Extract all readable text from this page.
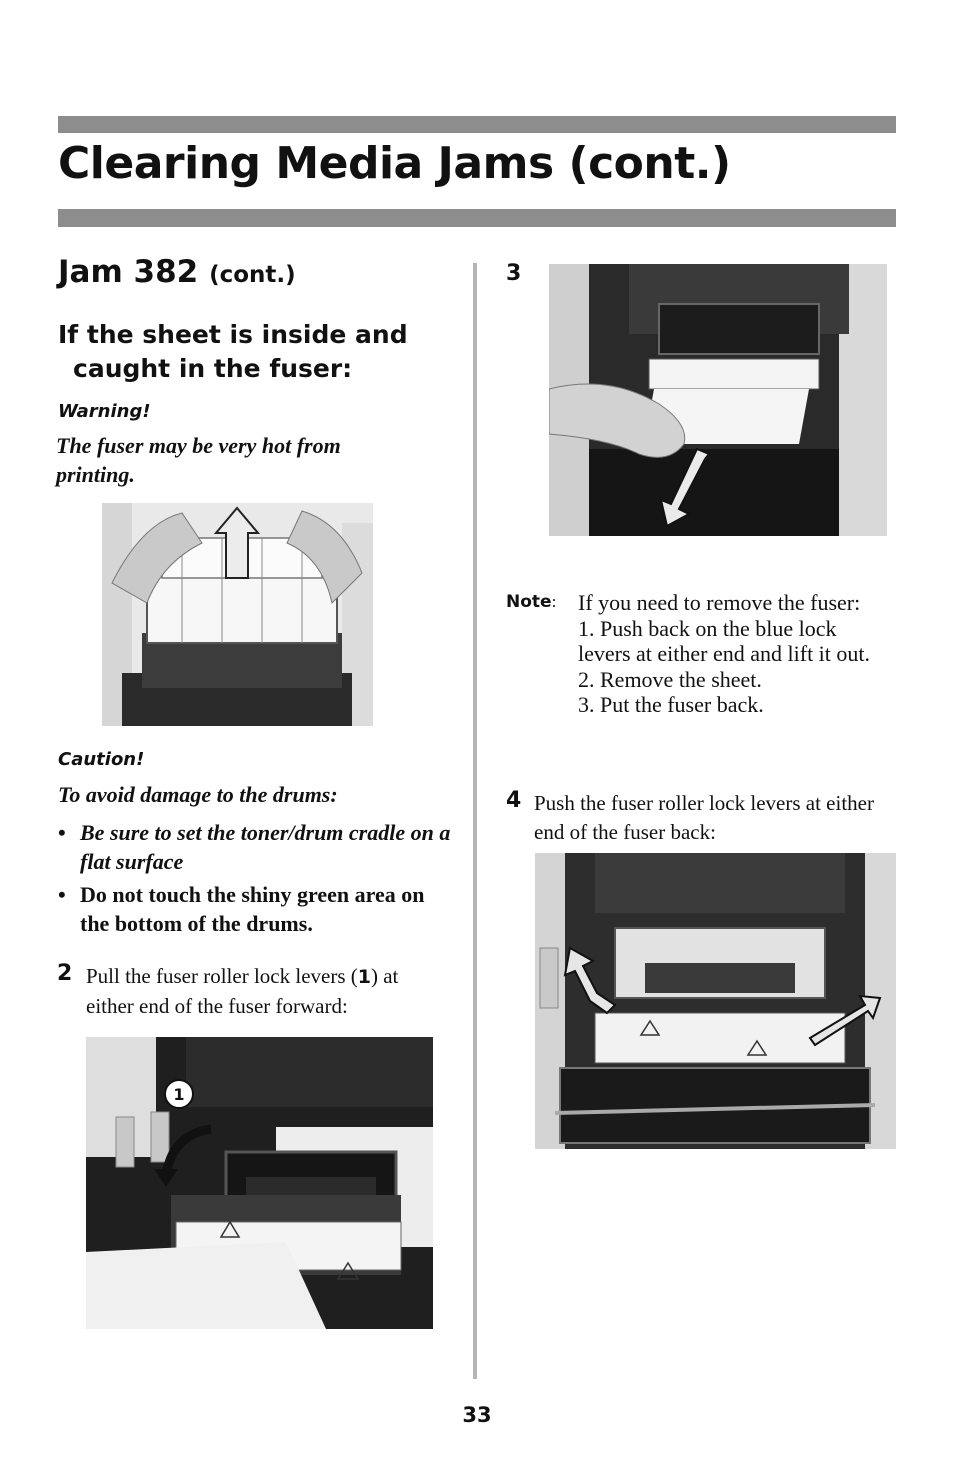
Clearing Media Jams (cont.)
Jam 382 (cont.)
If the sheet is inside and
caught in the fuser:
Warning!
The fuser may be very hot from printing.
Caution!
To avoid damage to the drums:
• Be sure to set the toner/drum cradle on a flat surface
• Do not touch the shiny green area on the bottom of the drums.
2 Pull the fuser roller lock levers (1) at either end of the fuser forward:
1
3
Note: If you need to remove the fuser:
1. Push back on the blue lock levers at either end and lift it out.
2. Remove the sheet.
3. Put the fuser back.
4 Push the fuser roller lock levers at either end of the fuser back:
33
